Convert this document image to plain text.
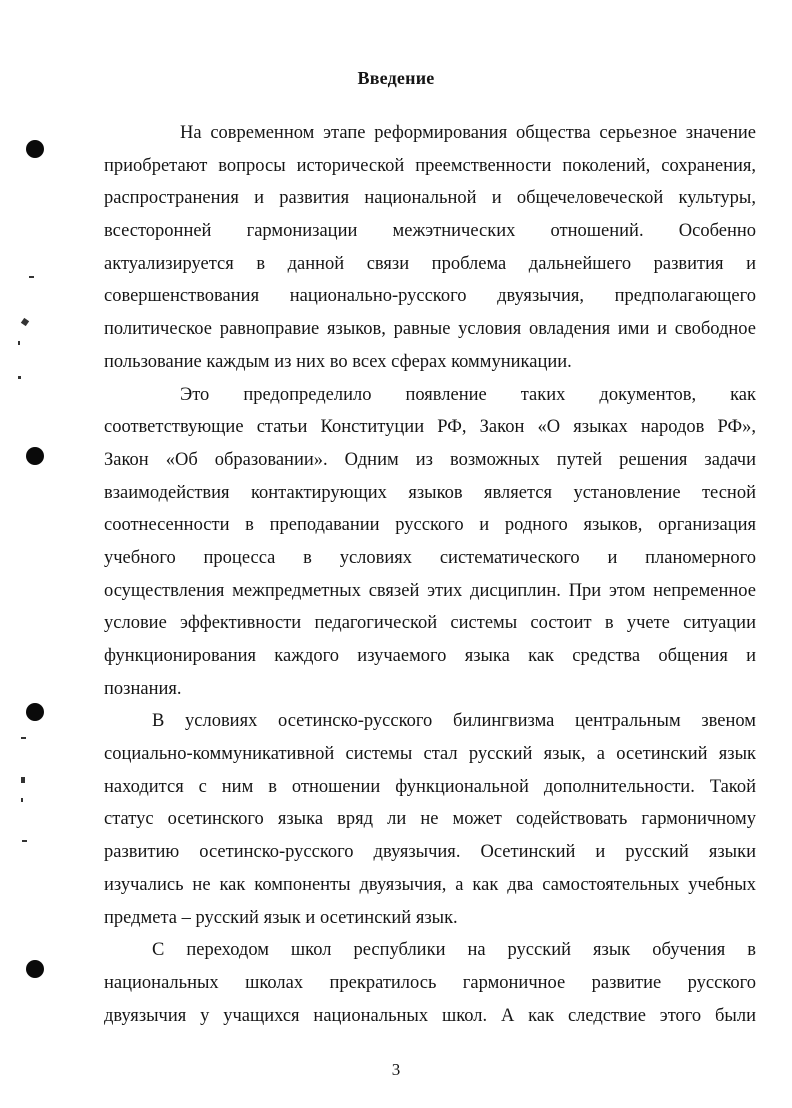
Введение
На современном этапе реформирования общества серьезное значение
приобретают вопросы исторической преемственности поколений, сохранения,
распространения и развития национальной и общечеловеческой культуры,
всесторонней гармонизации межэтнических отношений. Особенно
актуализируется в данной связи проблема дальнейшего развития и
совершенствования национально-русского двуязычия, предполагающего
политическое равноправие языков, равные условия овладения ими и свободное
пользование каждым из них во всех сферах коммуникации.
Это предопределило появление таких документов, как
соответствующие статьи Конституции РФ, Закон «О языках народов РФ»,
Закон «Об образовании». Одним из возможных путей решения задачи
взаимодействия контактирующих языков является установление тесной
соотнесенности в преподавании русского и родного языков, организация
учебного процесса в условиях систематического и планомерного
осуществления межпредметных связей этих дисциплин. При этом непременное
условие эффективности педагогической системы состоит в учете ситуации
функционирования каждого изучаемого языка как средства общения и
познания.
В условиях осетинско-русского билингвизма центральным звеном
социально-коммуникативной системы стал русский язык, а осетинский язык
находится с ним в отношении функциональной дополнительности. Такой
статус осетинского языка вряд ли не может содействовать гармоничному
развитию осетинско-русского двуязычия. Осетинский и русский языки
изучались не как компоненты двуязычия, а как два самостоятельных учебных
предмета – русский язык и осетинский язык.
С переходом школ республики на русский язык обучения в
национальных школах прекратилось гармоничное развитие русского
двуязычия у учащихся национальных школ. А как следствие этого были
3
